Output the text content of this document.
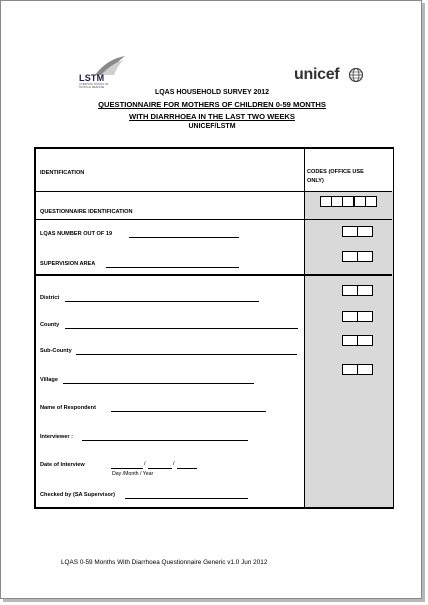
LSTM
LIVERPOOL SCHOOL OF TROPICAL MEDICINE
unicef
LQAS HOUSEHOLD SURVEY 2012
QUESTIONNAIRE FOR MOTHERS OF CHILDREN 0-59 MONTHS
WITH DIARRHOEA IN THE LAST TWO WEEKS
UNICEF/LSTM
IDENTIFICATION	CODES (OFFICE USE
ONLY)
QUESTIONNAIRE IDENTIFICATION
LQAS NUMBER OUT OF 19
SUPERVISION AREA
District
County
Sub-County
Village
Name of Respondent
Interviewer :
Date of Interview	/	/
Day /Month / Year
Checked by (SA Supervisor)
LQAS 0-59 Months With Diarrhoea Questionnaire Generic v1.0 Jun 2012
